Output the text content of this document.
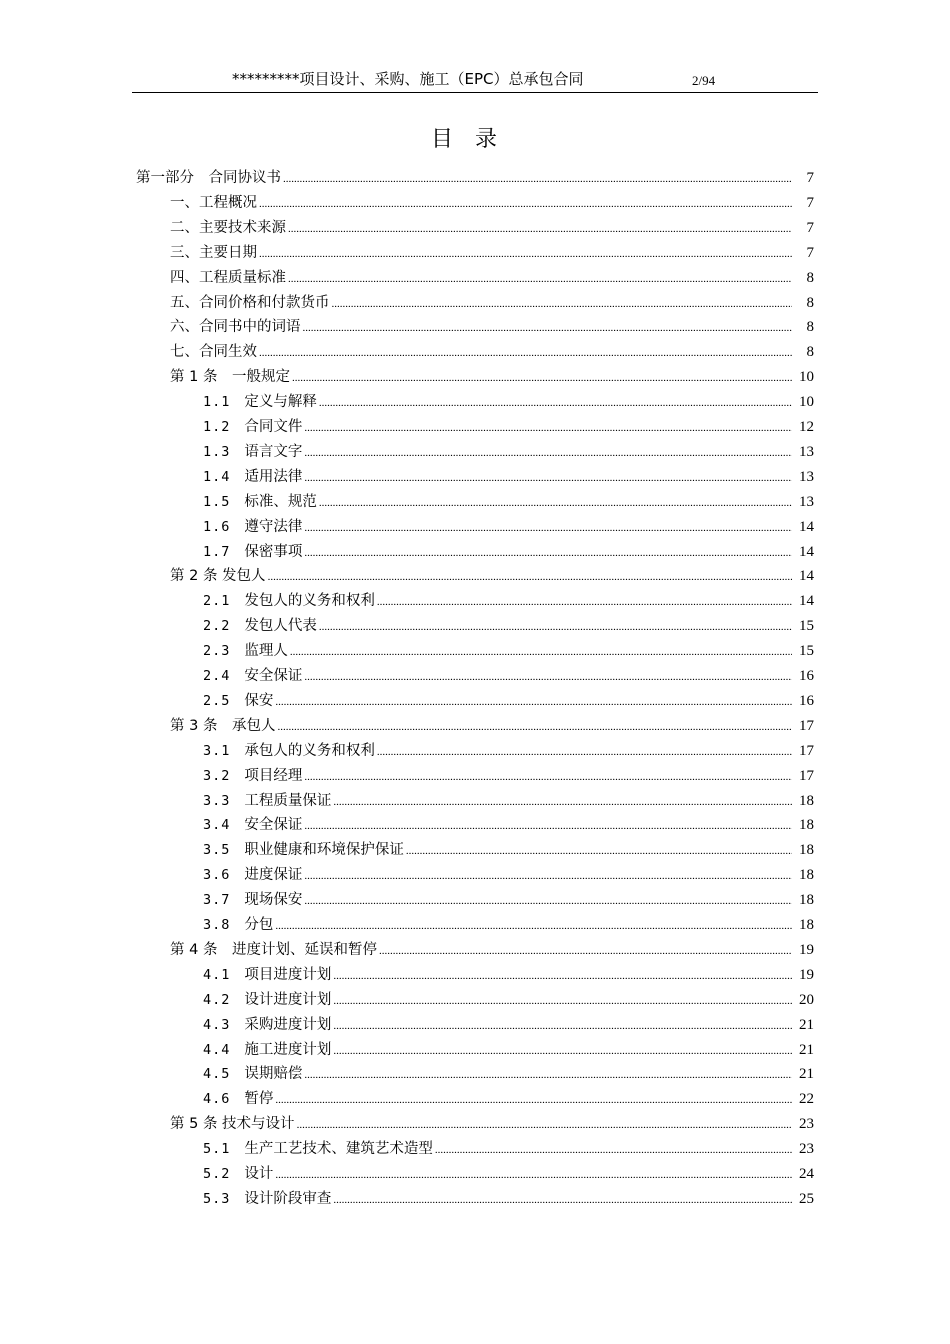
*********项目设计、采购、施工（EPC）总承包合同	2/94
目录
第一部分　合同协议书 .....	7
一、工程概况 .....	7
二、主要技术来源 .....	7
三、主要日期 .....	7
四、工程质量标准 .....	8
五、合同价格和付款货币 .....	8
六、合同书中的词语 .....	8
七、合同生效 .....	8
第 1 条　一般规定 .....	10
1.1 定义与解释 .....	10
1.2 合同文件 .....	12
1.3 语言文字 .....	13
1.4 适用法律 .....	13
1.5 标准、规范 .....	13
1.6 遵守法律 .....	14
1.7 保密事项 .....	14
第 2 条 发包人 .....	14
2.1 发包人的义务和权利 .....	14
2.2 发包人代表 .....	15
2.3 监理人 .....	15
2.4 安全保证 .....	16
2.5 保安 .....	16
第 3 条　承包人 .....	17
3.1 承包人的义务和权利 .....	17
3.2 项目经理 .....	17
3.3 工程质量保证 .....	18
3.4 安全保证 .....	18
3.5 职业健康和环境保护保证 .....	18
3.6 进度保证 .....	18
3.7 现场保安 .....	18
3.8 分包 .....	18
第 4 条　进度计划、延误和暂停 .....	19
4.1 项目进度计划 .....	19
4.2 设计进度计划 .....	20
4.3 采购进度计划 .....	21
4.4 施工进度计划 .....	21
4.5 误期赔偿 .....	21
4.6 暂停 .....	22
第 5 条 技术与设计 .....	23
5.1 生产工艺技术、建筑艺术造型 .....	23
5.2 设计 .....	24
5.3 设计阶段审查 .....	25
